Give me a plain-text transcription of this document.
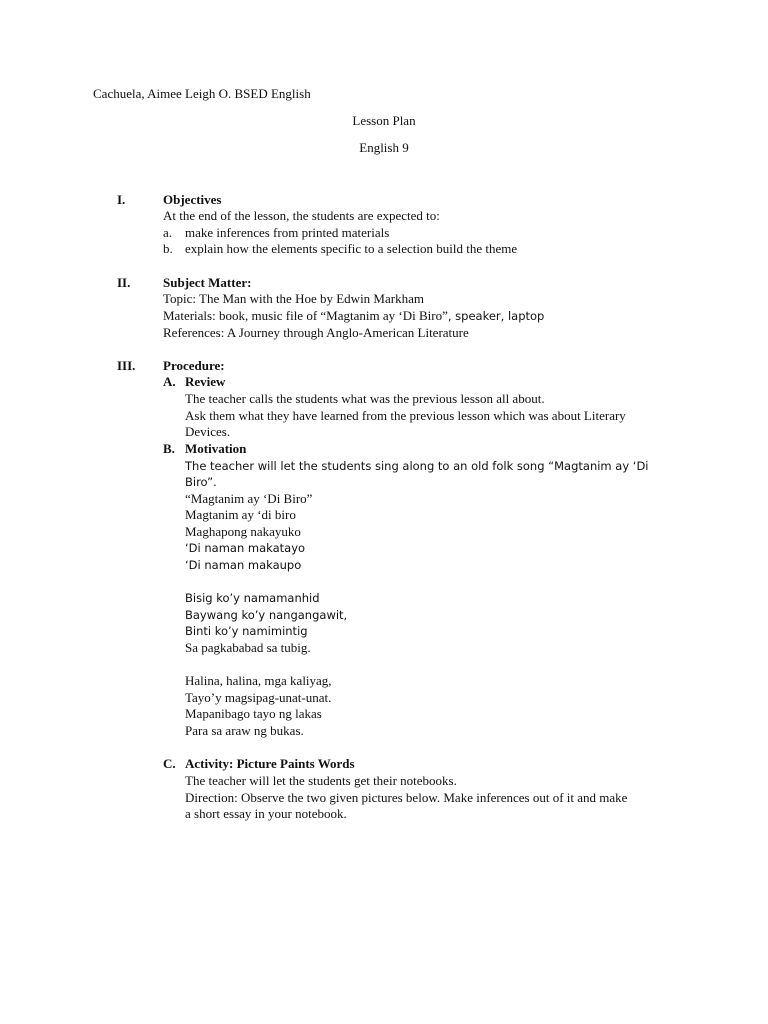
Cachuela, Aimee Leigh O. BSED English
Lesson Plan
English 9
I.	Objectives
At the end of the lesson, the students are expected to:
a. make inferences from printed materials
b. explain how the elements specific to a selection build the theme
II.	Subject Matter:
Topic: The Man with the Hoe by Edwin Markham
Materials: book, music file of “Magtanim ay ‘Di Biro”, speaker, laptop
References: A Journey through Anglo-American Literature
III. Procedure:
A. Review
The teacher calls the students what was the previous lesson all about.
Ask them what they have learned from the previous lesson which was about Literary
Devices.
B. Motivation
The teacher will let the students sing along to an old folk song “Magtanim ay ‘Di
Biro”.
“Magtanim ay ‘Di Biro”
Magtanim ay ‘di biro
Maghapong nakayuko
‘Di naman makatayo
‘Di naman makaupo
Bisig ko’y namamanhid
Baywang ko’y nangangawit,
Binti ko’y namimintig
Sa pagkababad sa tubig.
Halina, halina, mga kaliyag,
Tayo’y magsipag-unat-unat.
Mapanibago tayo ng lakas
Para sa araw ng bukas.
C. Activity: Picture Paints Words
The teacher will let the students get their notebooks.
Direction: Observe the two given pictures below. Make inferences out of it and make
a short essay in your notebook.
